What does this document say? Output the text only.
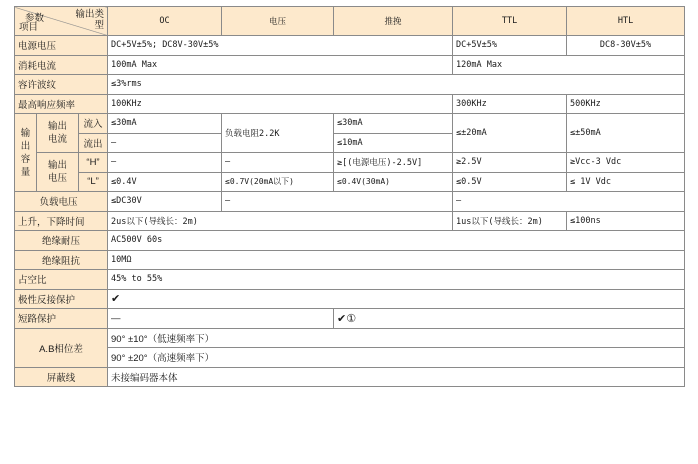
参数 输出类型
项目			OC	电压	推挽	TTL	HTL
电源电压			DC+5V±5%; DC8V-30V±5%			DC+5V±5%	DC8-30V±5%
消耗电流			100mA Max			120mA Max	
容许波纹			≤3%rms				
最高响应频率			100KHz			300KHz	500KHz

输出容量	输出电流	流入	≤30mA	负载电阻2.2K	≤30mA	≤±20mA	≤±50mA
		流出	—		≤10mA		

	输出电压	“H”	—	—	≥[(电源电压)-2.5V]	≥2.5V	≥Vcc-3 Vdc
		“L”	≤0.4V	≤0.7V(20mA以下)	≤0.4V(30mA)	≤0.5V	≤ 1V Vdc
	负载电压		≤DC30V	—		—	
上升，下降时间			2us以下(导线长：2m)			1us以下(导线长：2m)	≤100ns
绝缘耐压			AC500V 60s				
绝缘阻抗			10MΩ				
占空比			45% to 55%				
极性反接保护			✔				
短路保护			—		✔①		
A.B相位差			90° ±10°（低速频率下）				
			90° ±20°（高速频率下）				
屏蔽线			未接编码器本体				
